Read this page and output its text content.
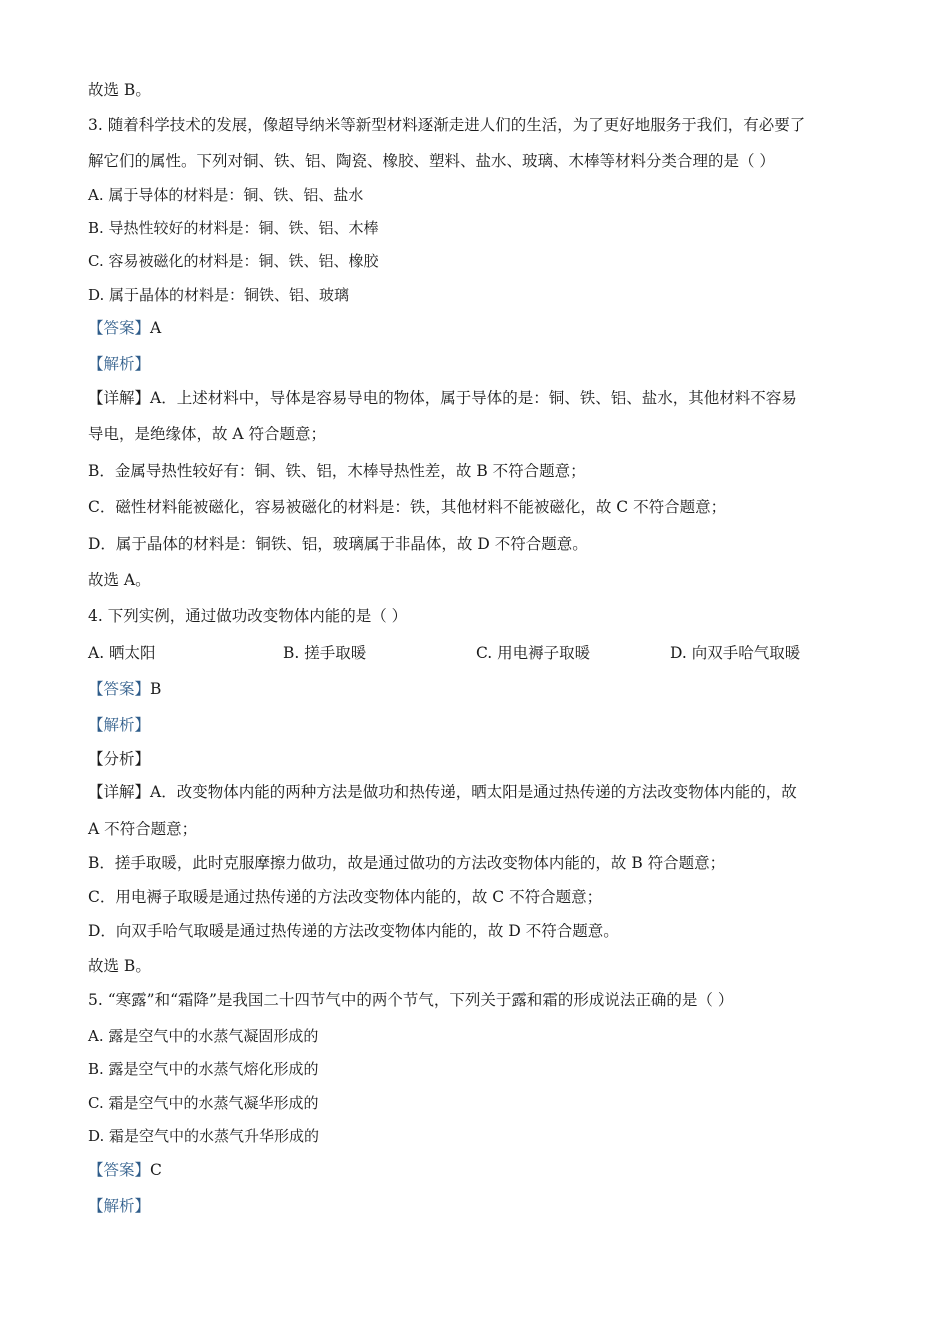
故选 B。
3. 随着科学技术的发展，像超导纳米等新型材料逐渐走进人们的生活，为了更好地服务于我们，有必要了
解它们的属性。下列对铜、铁、铝、陶瓷、橡胶、塑料、盐水、玻璃、木棒等材料分类合理的是（ ）
A. 属于导体的材料是：铜、铁、铝、盐水
B. 导热性较好的材料是：铜、铁、铝、木棒
C. 容易被磁化的材料是：铜、铁、铝、橡胶
D. 属于晶体的材料是：铜铁、铝、玻璃
【答案】A
【解析】
【详解】A．上述材料中，导体是容易导电的物体，属于导体的是：铜、铁、铝、盐水，其他材料不容易
导电，是绝缘体，故 A 符合题意；
B．金属导热性较好有：铜、铁、铝，木棒导热性差，故 B 不符合题意；
C．磁性材料能被磁化，容易被磁化的材料是：铁，其他材料不能被磁化，故 C 不符合题意；
D．属于晶体的材料是：铜铁、铝，玻璃属于非晶体，故 D 不符合题意。
故选 A。
4. 下列实例，通过做功改变物体内能的是（ ）
A. 晒太阳	B. 搓手取暖	C. 用电褥子取暖	D. 向双手哈气取暖
【答案】B
【解析】
【分析】
【详解】A．改变物体内能的两种方法是做功和热传递，晒太阳是通过热传递的方法改变物体内能的，故
A 不符合题意；
B．搓手取暖，此时克服摩擦力做功，故是通过做功的方法改变物体内能的，故 B 符合题意；
C．用电褥子取暖是通过热传递的方法改变物体内能的，故 C 不符合题意；
D．向双手哈气取暖是通过热传递的方法改变物体内能的，故 D 不符合题意。
故选 B。
5. “寒露”和“霜降”是我国二十四节气中的两个节气，下列关于露和霜的形成说法正确的是（ ）
A. 露是空气中的水蒸气凝固形成的
B. 露是空气中的水蒸气熔化形成的
C. 霜是空气中的水蒸气凝华形成的
D. 霜是空气中的水蒸气升华形成的
【答案】C
【解析】
